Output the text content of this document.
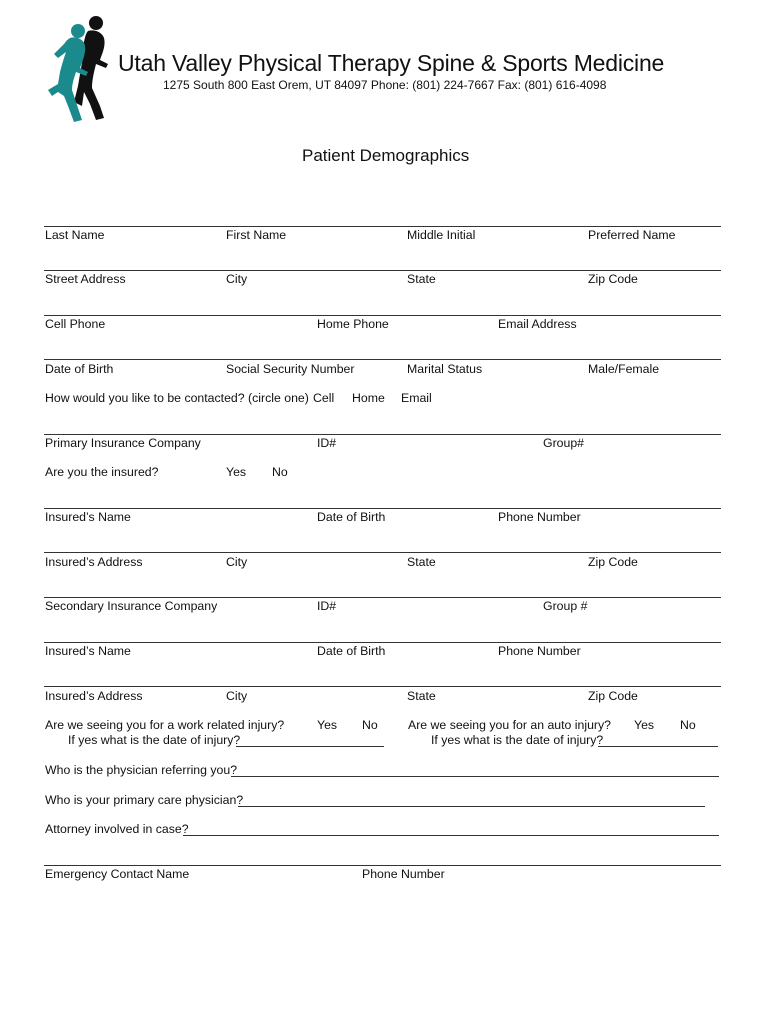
Utah Valley Physical Therapy Spine & Sports Medicine
1275 South 800 East Orem, UT 84097 Phone: (801) 224-7667 Fax: (801) 616-4098
Patient Demographics
Last Name	First Name	Middle Initial	Preferred Name
Street Address	City	State	Zip Code
Cell Phone	Home Phone	Email Address
Date of Birth	Social Security Number	Marital Status	Male/Female
How would you like to be contacted? (circle one) Cell Home Email
Primary Insurance Company	ID#	Group#
Are you the insured?	Yes No
Insured’s Name	Date of Birth	Phone Number
Insured’s Address	City	State	Zip Code
Secondary Insurance Company	ID#	Group #
Insured’s Name	Date of Birth	Phone Number
Insured’s Address	City	State	Zip Code
Are we seeing you for a work related injury?	Yes No
If yes what is the date of injury?
Are we seeing you for an auto injury? Yes No
If yes what is the date of injury?
Who is the physician referring you?
Who is your primary care physician?
Attorney involved in case?
Emergency Contact Name	Phone Number
